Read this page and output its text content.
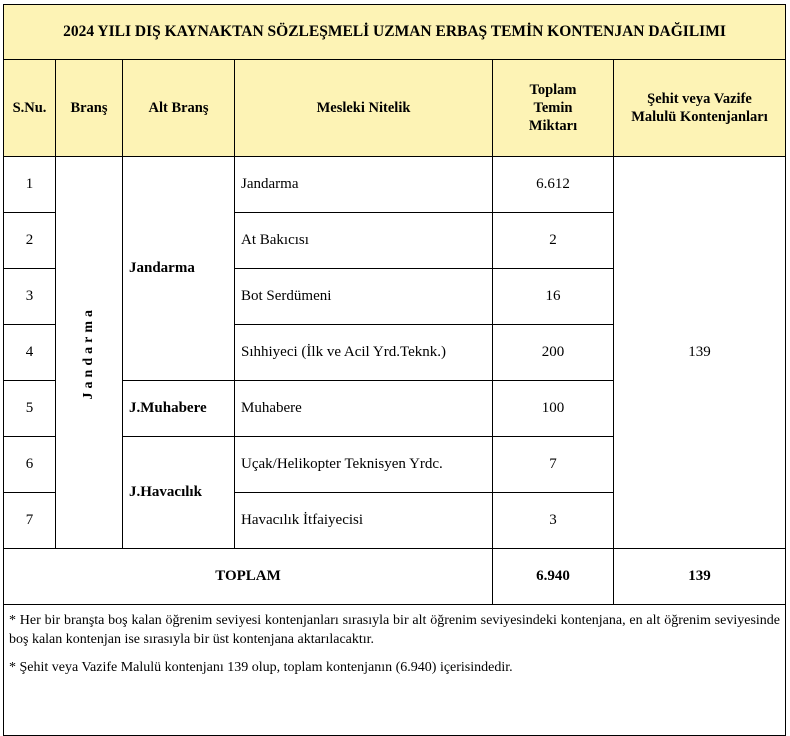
2024 YILI DIŞ KAYNAKTAN SÖZLEŞMELİ UZMAN ERBAŞ TEMİN KONTENJAN DAĞILIMI					
S.Nu.	Branş	Alt Branş	Mesleki Nitelik	Toplam Temin Miktarı	Şehit veya Vazife Malulü Kontenjanları
1	Jandarma	Jandarma	Jandarma	6.612	139
2			At Bakıcısı	2	
3			Bot Serdümeni	16	
4			Sıhhiyeci (İlk ve Acil Yrd.Teknk.)	200	
5		J.Muhabere	Muhabere	100	
6		J.Havacılık	Uçak/Helikopter Teknisyen Yrdc.	7	
7			Havacılık İtfaiyecisi	3	
TOPLAM				6.940	139

* Her bir branşta boş kalan öğrenim seviyesi kontenjanları sırasıyla bir alt öğrenim seviyesindeki kontenjana, en alt öğrenim seviyesinde boş kalan kontenjan ise sırasıyla bir üst kontenjana aktarılacaktır.

* Şehit veya Vazife Malulü kontenjanı 139 olup, toplam kontenjanın (6.940) içerisindedir.					
